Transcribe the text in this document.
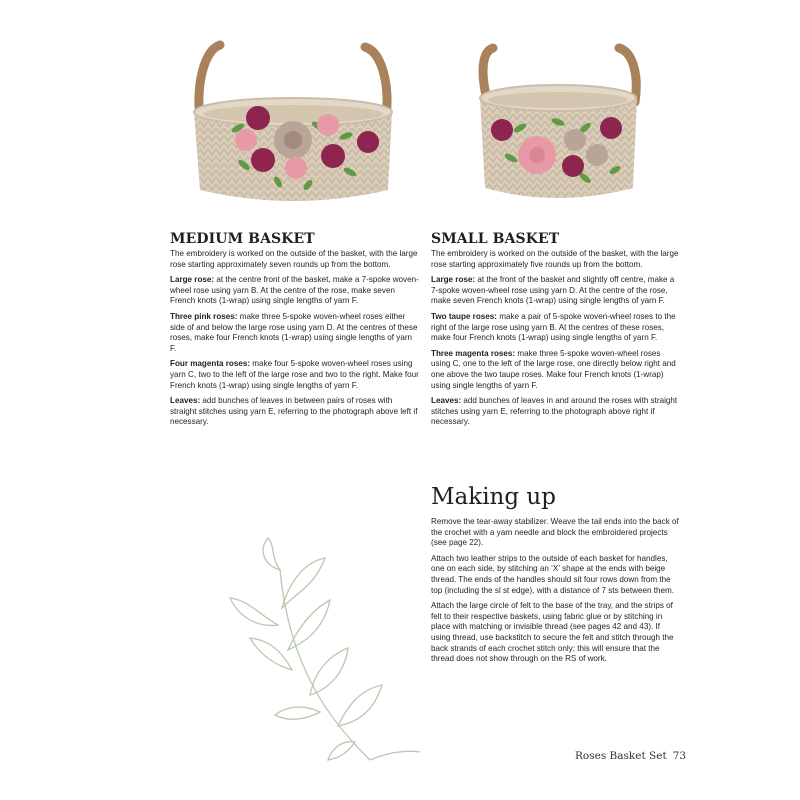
MEDIUM BASKET

The embroidery is worked on the outside of the basket, with the large rose starting approximately seven rounds up from the bottom.

Large rose: at the centre front of the basket, make a 7-spoke woven-wheel rose using yarn B. At the centre of the rose, make seven French knots (1-wrap) using single lengths of yarn F.

Three pink roses: make three 5-spoke woven-wheel roses either side of and below the large rose using yarn D. At the centres of these roses, make four French knots (1-wrap) using single lengths of yarn F.

Four magenta roses: make four 5-spoke woven-wheel roses using yarn C, two to the left of the large rose and two to the right. Make four French knots (1-wrap) using single lengths of yarn F.

Leaves: add bunches of leaves in between pairs of roses with straight stitches using yarn E, referring to the photograph above left if necessary.

SMALL BASKET

The embroidery is worked on the outside of the basket, with the large rose starting approximately five rounds up from the bottom.

Large rose: at the front of the basket and slightly off centre, make a 7-spoke woven-wheel rose using yarn D. At the centre of the rose, make seven French knots (1-wrap) using single lengths of yarn F.

Two taupe roses: make a pair of 5-spoke woven-wheel roses to the right of the large rose using yarn B. At the centres of these roses, make four French knots (1-wrap) using single lengths of yarn F.

Three magenta roses: make three 5-spoke woven-wheel roses using C, one to the left of the large rose, one directly below right and one above the two taupe roses. Make four French knots (1-wrap) using single lengths of yarn F.

Leaves: add bunches of leaves in and around the roses with straight stitches using yarn E, referring to the photograph above right if necessary.

Making up

Remove the tear-away stabilizer. Weave the tail ends into the back of the crochet with a yarn needle and block the embroidered projects (see page 22).

Attach two leather strips to the outside of each basket for handles, one on each side, by stitching an ‘X’ shape at the ends with beige thread. The ends of the handles should sit four rows down from the top (including the sl st edge), with a distance of 7 sts between them.

Attach the large circle of felt to the base of the tray, and the strips of felt to their respective baskets, using fabric glue or by stitching in place with matching or invisible thread (see pages 42 and 43). If using thread, use backstitch to secure the felt and stitch through the back strands of each crochet stitch only; this will ensure that the thread does not show through on the RS of work.

Roses Basket Set 73
